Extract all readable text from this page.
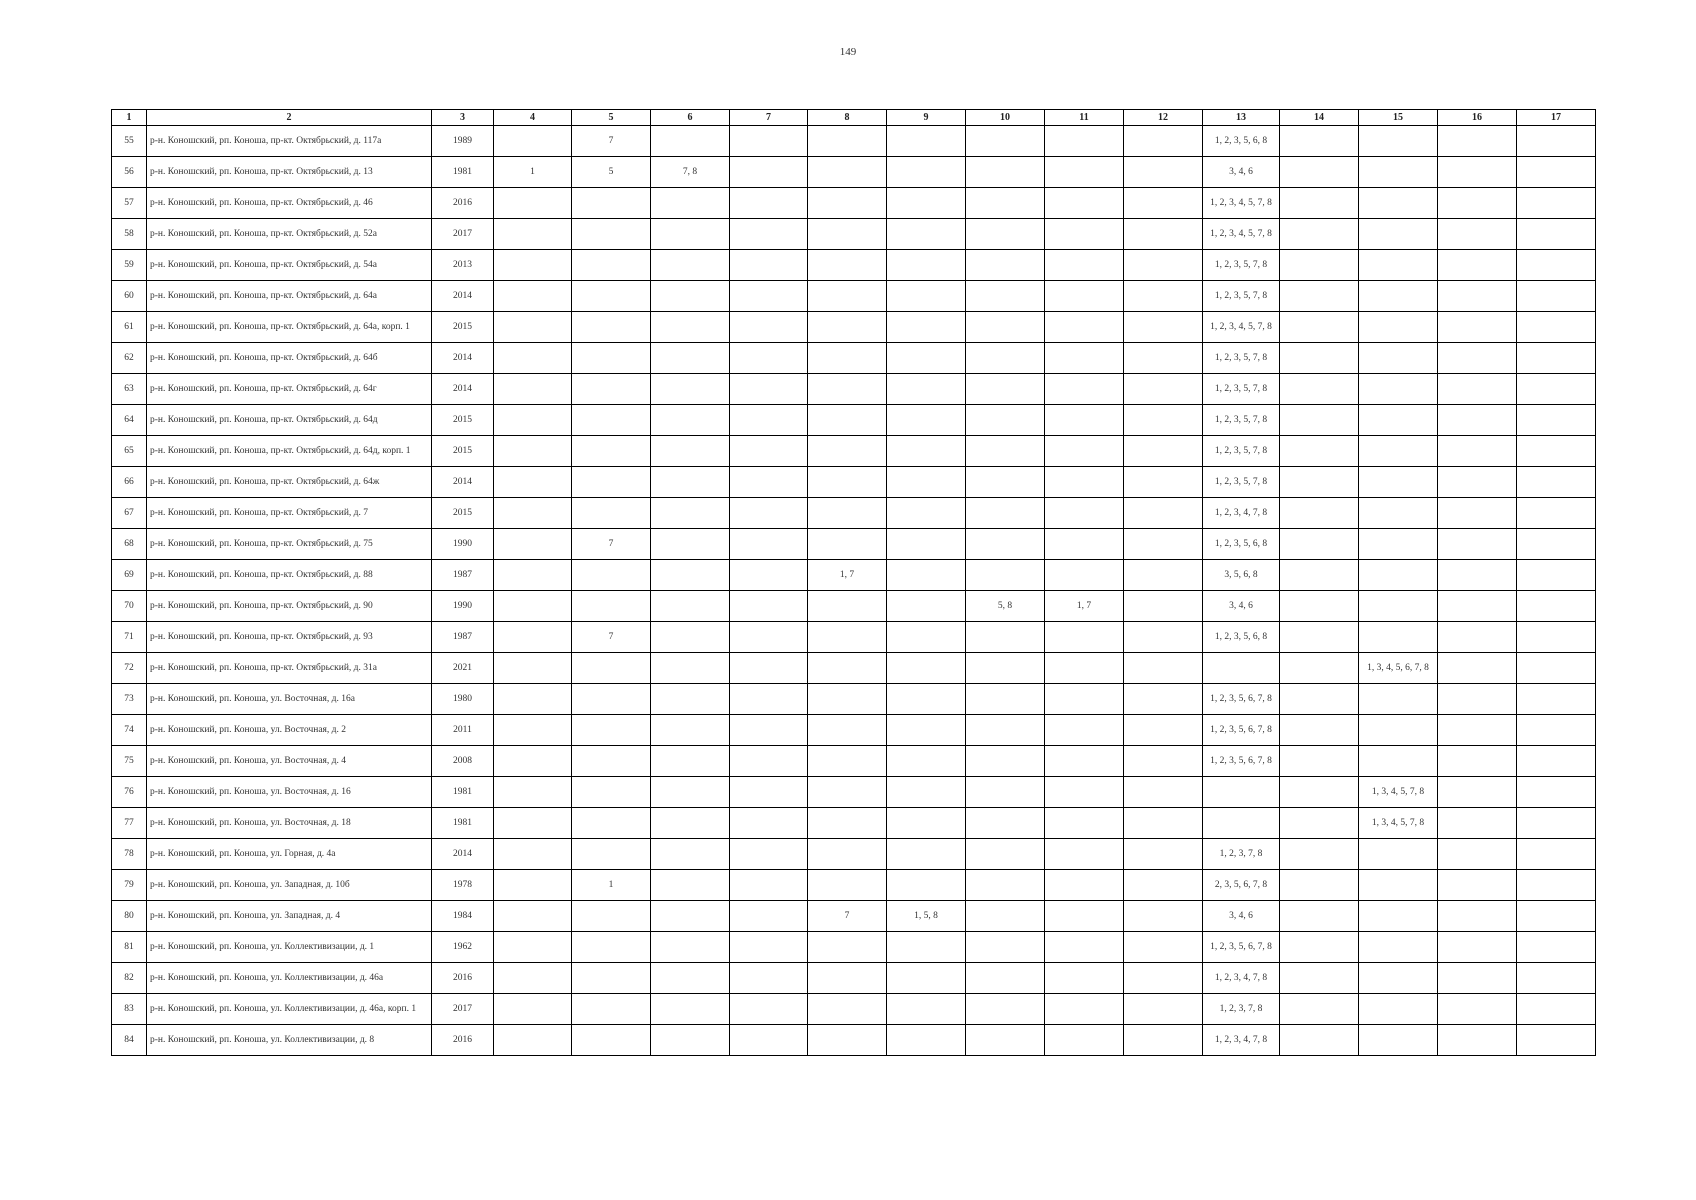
149
1	2	3	4	5	6	7	8	9	10	11	12	13	14	15	16	17
55	р-н. Коношский, рп. Коноша, пр-кт. Октябрьский, д. 117а	1989		7								1, 2, 3, 5, 6, 8				
56	р-н. Коношский, рп. Коноша, пр-кт. Октябрьский, д. 13	1981	1	5	7, 8							3, 4, 6				
57	р-н. Коношский, рп. Коноша, пр-кт. Октябрьский, д. 46	2016										1, 2, 3, 4, 5, 7, 8				
58	р-н. Коношский, рп. Коноша, пр-кт. Октябрьский, д. 52а	2017										1, 2, 3, 4, 5, 7, 8				
59	р-н. Коношский, рп. Коноша, пр-кт. Октябрьский, д. 54а	2013										1, 2, 3, 5, 7, 8				
60	р-н. Коношский, рп. Коноша, пр-кт. Октябрьский, д. 64а	2014										1, 2, 3, 5, 7, 8				
61	р-н. Коношский, рп. Коноша, пр-кт. Октябрьский, д. 64а, корп. 1	2015										1, 2, 3, 4, 5, 7, 8				
62	р-н. Коношский, рп. Коноша, пр-кт. Октябрьский, д. 64б	2014										1, 2, 3, 5, 7, 8				
63	р-н. Коношский, рп. Коноша, пр-кт. Октябрьский, д. 64г	2014										1, 2, 3, 5, 7, 8				
64	р-н. Коношский, рп. Коноша, пр-кт. Октябрьский, д. 64д	2015										1, 2, 3, 5, 7, 8				
65	р-н. Коношский, рп. Коноша, пр-кт. Октябрьский, д. 64д, корп. 1	2015										1, 2, 3, 5, 7, 8				
66	р-н. Коношский, рп. Коноша, пр-кт. Октябрьский, д. 64ж	2014										1, 2, 3, 5, 7, 8				
67	р-н. Коношский, рп. Коноша, пр-кт. Октябрьский, д. 7	2015										1, 2, 3, 4, 7, 8				
68	р-н. Коношский, рп. Коноша, пр-кт. Октябрьский, д. 75	1990		7								1, 2, 3, 5, 6, 8				
69	р-н. Коношский, рп. Коноша, пр-кт. Октябрьский, д. 88	1987					1, 7					3, 5, 6, 8				
70	р-н. Коношский, рп. Коноша, пр-кт. Октябрьский, д. 90	1990							5, 8	1, 7		3, 4, 6				
71	р-н. Коношский, рп. Коноша, пр-кт. Октябрьский, д. 93	1987		7								1, 2, 3, 5, 6, 8				
72	р-н. Коношский, рп. Коноша, пр-кт. Октябрьский, д. 31а	2021												1, 3, 4, 5, 6, 7, 8		
73	р-н. Коношский, рп. Коноша, ул. Восточная, д. 16а	1980										1, 2, 3, 5, 6, 7, 8				
74	р-н. Коношский, рп. Коноша, ул. Восточная, д. 2	2011										1, 2, 3, 5, 6, 7, 8				
75	р-н. Коношский, рп. Коноша, ул. Восточная, д. 4	2008										1, 2, 3, 5, 6, 7, 8				
76	р-н. Коношский, рп. Коноша, ул. Восточная, д. 16	1981												1, 3, 4, 5, 7, 8		
77	р-н. Коношский, рп. Коноша, ул. Восточная, д. 18	1981												1, 3, 4, 5, 7, 8		
78	р-н. Коношский, рп. Коноша, ул. Горная, д. 4а	2014										1, 2, 3, 7, 8				
79	р-н. Коношский, рп. Коноша, ул. Западная, д. 10б	1978		1								2, 3, 5, 6, 7, 8				
80	р-н. Коношский, рп. Коноша, ул. Западная, д. 4	1984					7	1, 5, 8				3, 4, 6				
81	р-н. Коношский, рп. Коноша, ул. Коллективизации, д. 1	1962										1, 2, 3, 5, 6, 7, 8				
82	р-н. Коношский, рп. Коноша, ул. Коллективизации, д. 46а	2016										1, 2, 3, 4, 7, 8				
83	р-н. Коношский, рп. Коноша, ул. Коллективизации, д. 46а, корп. 1	2017										1, 2, 3, 7, 8				
84	р-н. Коношский, рп. Коноша, ул. Коллективизации, д. 8	2016										1, 2, 3, 4, 7, 8				
